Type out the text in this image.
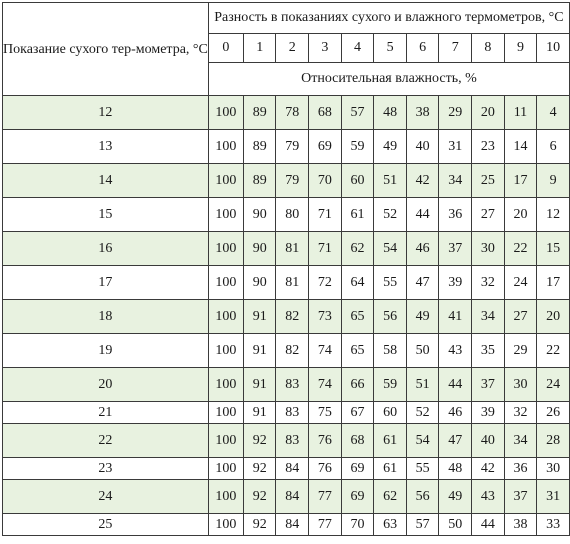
Показание сухого тер-мометра, °С	Разность в показаниях сухого и влажного термометров, °С										
	0	1	2	3	4	5	6	7	8	9	10
	Относительная влажность, %										
12	100	89	78	68	57	48	38	29	20	11	4
13	100	89	79	69	59	49	40	31	23	14	6
14	100	89	79	70	60	51	42	34	25	17	9
15	100	90	80	71	61	52	44	36	27	20	12
16	100	90	81	71	62	54	46	37	30	22	15
17	100	90	81	72	64	55	47	39	32	24	17
18	100	91	82	73	65	56	49	41	34	27	20
19	100	91	82	74	65	58	50	43	35	29	22
20	100	91	83	74	66	59	51	44	37	30	24
21	100	91	83	75	67	60	52	46	39	32	26
22	100	92	83	76	68	61	54	47	40	34	28
23	100	92	84	76	69	61	55	48	42	36	30
24	100	92	84	77	69	62	56	49	43	37	31
25	100	92	84	77	70	63	57	50	44	38	33
